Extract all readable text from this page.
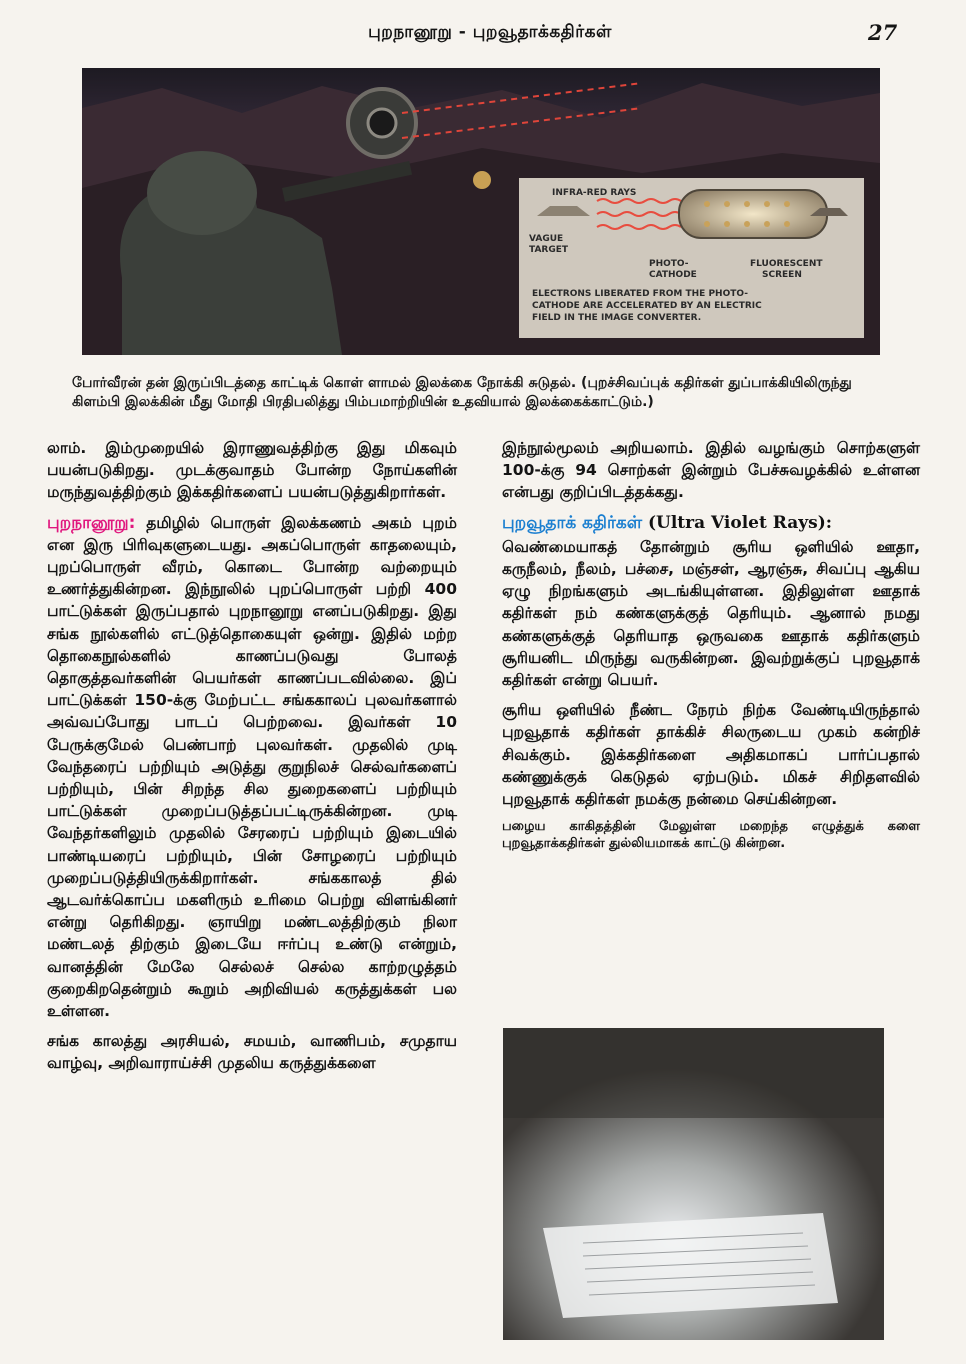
புறநானூறு - புறவூதாக்கதிர்கள்	27
INFRA-RED RAYS
VAGUE
TARGET
PHOTO-
CATHODE
FLUORESCENT
SCREEN
ELECTRONS LIBERATED FROM THE PHOTO-
CATHODE ARE ACCELERATED BY AN ELECTRIC
FIELD IN THE IMAGE CONVERTER.
போர்வீரன் தன் இருப்பிடத்தை காட்டிக் கொள் ளாமல் இலக்கை நோக்கி சுடுதல். (புறச்சிவப்புக் கதிர்கள் துப்பாக்கியிலிருந்து கிளம்பி இலக்கின் மீது மோதி பிரதிபலித்து பிம்பமாற்றியின் உதவியால் இலக்கைக்காட்டும்.)

லாம். இம்முறையில் இராணுவத்திற்கு இது மிகவும் பயன்படுகிறது. முடக்குவாதம் போன்ற நோய்களின் மருந்துவத்திற்கும் இக்கதிர்களைப் பயன்படுத்துகிறார்கள்.

புறநானூறு: தமிழில் பொருள் இலக்கணம் அகம் புறம் என இரு பிரிவுகளுடையது. அகப்பொருள் காதலையும், புறப்பொருள் வீரம், கொடை போன்ற வற்றையும் உணர்த்துகின்றன. இந்நூலில் புறப்பொருள் பற்றி 400 பாட்டுக்கள் இருப்பதால் புறநானூறு எனப்படுகிறது. இது சங்க நூல்களில் எட்டுத்தொகையுள் ஒன்று. இதில் மற்ற தொகைநூல்களில் காணப்படுவது போலத் தொகுத்தவர்களின் பெயர்கள் காணப்படவில்லை. இப் பாட்டுக்கள் 150-க்கு மேற்பட்ட சங்ககாலப் புலவர்களால் அவ்வப்போது பாடப் பெற்றவை. இவர்கள் 10 பேருக்குமேல் பெண்பாற் புலவர்கள். முதலில் முடி வேந்தரைப் பற்றியும் அடுத்து குறுநிலச் செல்வர்களைப் பற்றியும், பின் சிறந்த சில துறைகளைப் பற்றியும் பாட்டுக்கள் முறைப்படுத்தப்பட்டிருக்கின்றன. முடி வேந்தர்களிலும் முதலில் சேரரைப் பற்றியும் இடையில் பாண்டியரைப் பற்றியும், பின் சோழரைப் பற்றியும் முறைப்படுத்தியிருக்கிறார்கள். சங்ககாலத் தில் ஆடவர்க்கொப்ப மகளிரும் உரிமை பெற்று விளங்கினர் என்று தெரிகிறது. ஞாயிறு மண்டலத்திற்கும் நிலா மண்டலத் திற்கும் இடையே ஈர்ப்பு உண்டு என்றும், வானத்தின் மேலே செல்லச் செல்ல காற்றழுத்தம் குறைகிறதென்றும் கூறும் அறிவியல் கருத்துக்கள் பல உள்ளன.

சங்க காலத்து அரசியல், சமயம், வாணிபம், சமுதாய வாழ்வு, அறிவாராய்ச்சி முதலிய கருத்துக்களை

இந்நூல்மூலம் அறியலாம். இதில் வழங்கும் சொற்களுள் 100-க்கு 94 சொற்கள் இன்றும் பேச்சுவழக்கில் உள்ளன என்பது குறிப்பிடத்தக்கது.

புறவூதாக் கதிர்கள் (Ultra Violet Rays):

வெண்மையாகத் தோன்றும் சூரிய ஒளியில் ஊதா, கருநீலம், நீலம், பச்சை, மஞ்சள், ஆரஞ்சு, சிவப்பு ஆகிய ஏழு நிறங்களும் அடங்கியுள்ளன. இதிலுள்ள ஊதாக் கதிர்கள் நம் கண்களுக்குத் தெரியும். ஆனால் நமது கண்களுக்குத் தெரியாத ஒருவகை ஊதாக் கதிர்களும் சூரியனிட மிருந்து வருகின்றன. இவற்றுக்குப் புறவூதாக் கதிர்கள் என்று பெயர்.

சூரிய ஒளியில் நீண்ட நேரம் நிற்க வேண்டியிருந்தால் புறவூதாக் கதிர்கள் தாக்கிச் சிலருடைய முகம் கன்றிச் சிவக்கும். இக்கதிர்களை அதிகமாகப் பார்ப்பதால் கண்ணுக்குக் கெடுதல் ஏற்படும். மிகச் சிறிதளவில் புறவூதாக் கதிர்கள் நமக்கு நன்மை செய்கின்றன.

பழைய காகிதத்தின் மேலுள்ள மறைந்த எழுத்துக் களை புறவூதாக்கதிர்கள் துல்லியமாகக் காட்டு கின்றன.
